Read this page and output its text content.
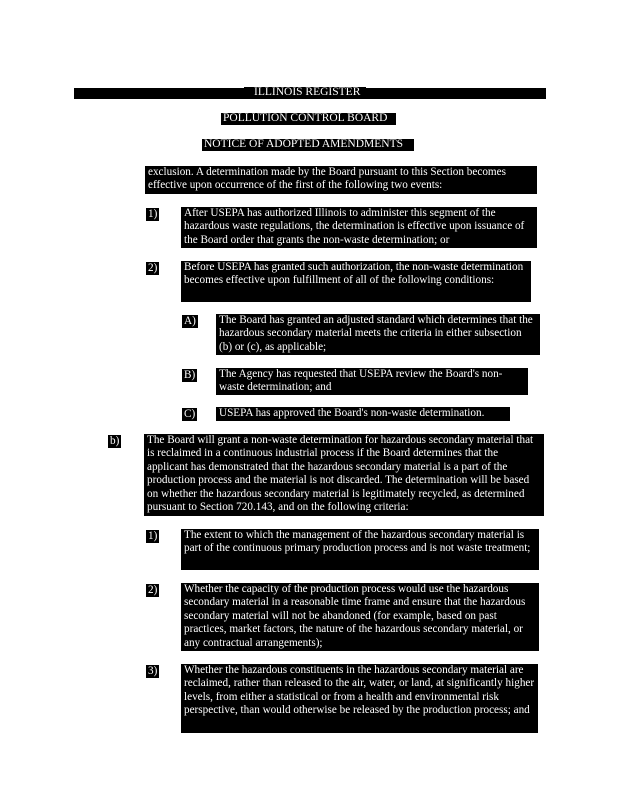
ILLINOIS REGISTER
POLLUTION CONTROL BOARD
NOTICE OF ADOPTED AMENDMENTS

exclusion. A determination made by the Board pursuant to this Section becomes effective upon occurrence of the first of the following two events:

1) After USEPA has authorized Illinois to administer this segment of the hazardous waste regulations, the determination is effective upon issuance of the Board order that grants the non-waste determination; or

2) Before USEPA has granted such authorization, the non-waste determination becomes effective upon fulfillment of all of the following conditions:

A) The Board has granted an adjusted standard which determines that the hazardous secondary material meets the criteria in either subsection (b) or (c), as applicable;

B) The Agency has requested that USEPA review the Board's non-waste determination; and

C) USEPA has approved the Board's non-waste determination.

b) The Board will grant a non-waste determination for hazardous secondary material that is reclaimed in a continuous industrial process if the Board determines that the applicant has demonstrated that the hazardous secondary material is a part of the production process and the material is not discarded. The determination will be based on whether the hazardous secondary material is legitimately recycled, as determined pursuant to Section 720.143, and on the following criteria:

1) The extent to which the management of the hazardous secondary material is part of the continuous primary production process and is not waste treatment;

2) Whether the capacity of the production process would use the hazardous secondary material in a reasonable time frame and ensure that the hazardous secondary material will not be abandoned (for example, based on past practices, market factors, the nature of the hazardous secondary material, or any contractual arrangements);

3) Whether the hazardous constituents in the hazardous secondary material are reclaimed, rather than released to the air, water, or land, at significantly higher levels, from either a statistical or from a health and environmental risk perspective, than would otherwise be released by the production process; and
